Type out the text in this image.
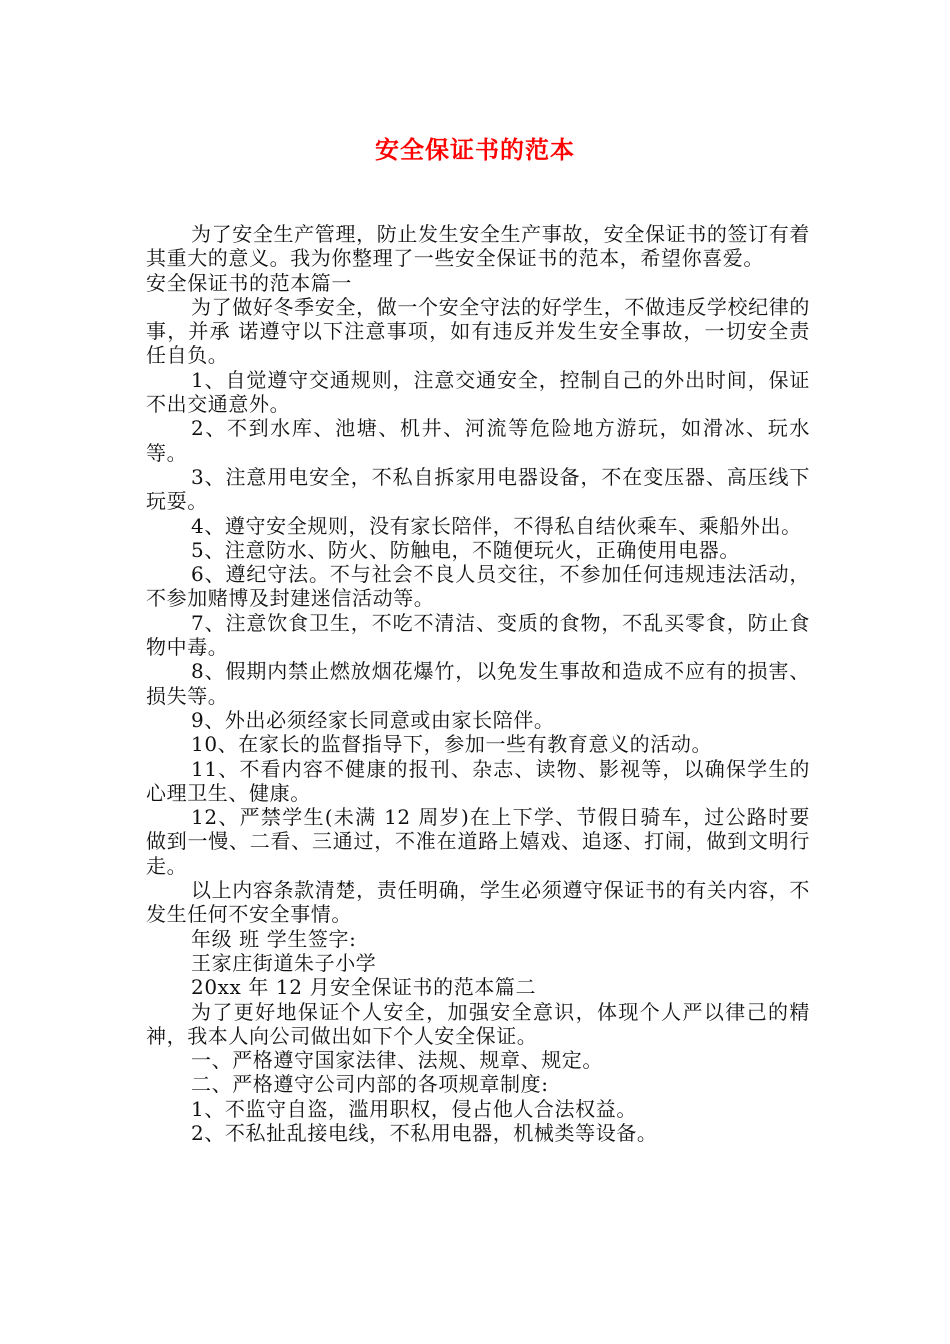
安全保证书的范本

为了安全生产管理，防止发生安全生产事故，安全保证书的签订有着其重大的意义。我为你整理了一些安全保证书的范本，希望你喜爱。

安全保证书的范本篇一

为了做好冬季安全，做一个安全守法的好学生，不做违反学校纪律的事，并承 诺遵守以下注意事项，如有违反并发生安全事故，一切安全责任自负。

1、自觉遵守交通规则，注意交通安全，控制自己的外出时间，保证不出交通意外。

2、不到水库、池塘、机井、河流等危险地方游玩，如滑冰、玩水等。

3、注意用电安全，不私自拆家用电器设备，不在变压器、高压线下玩耍。

4、遵守安全规则，没有家长陪伴，不得私自结伙乘车、乘船外出。

5、注意防水、防火、防触电，不随便玩火，正确使用电器。

6、遵纪守法。不与社会不良人员交往，不参加任何违规违法活动，不参加赌博及封建迷信活动等。

7、注意饮食卫生，不吃不清洁、变质的食物，不乱买零食，防止食物中毒。

8、假期内禁止燃放烟花爆竹，以免发生事故和造成不应有的损害、损失等。

9、外出必须经家长同意或由家长陪伴。

10、在家长的监督指导下，参加一些有教育意义的活动。

11、不看内容不健康的报刊、杂志、读物、影视等，以确保学生的心理卫生、健康。

12、严禁学生(未满 12 周岁)在上下学、节假日骑车，过公路时要做到一慢、二看、三通过，不准在道路上嬉戏、追逐、打闹，做到文明行走。

以上内容条款清楚，责任明确，学生必须遵守保证书的有关内容，不发生任何不安全事情。

年级 班 学生签字:

王家庄街道朱子小学

20xx 年 12 月安全保证书的范本篇二

为了更好地保证个人安全，加强安全意识，体现个人严以律己的精神，我本人向公司做出如下个人安全保证。

一、严格遵守国家法律、法规、规章、规定。

二、严格遵守公司内部的各项规章制度:

1、不监守自盗，滥用职权，侵占他人合法权益。

2、不私扯乱接电线，不私用电器，机械类等设备。
